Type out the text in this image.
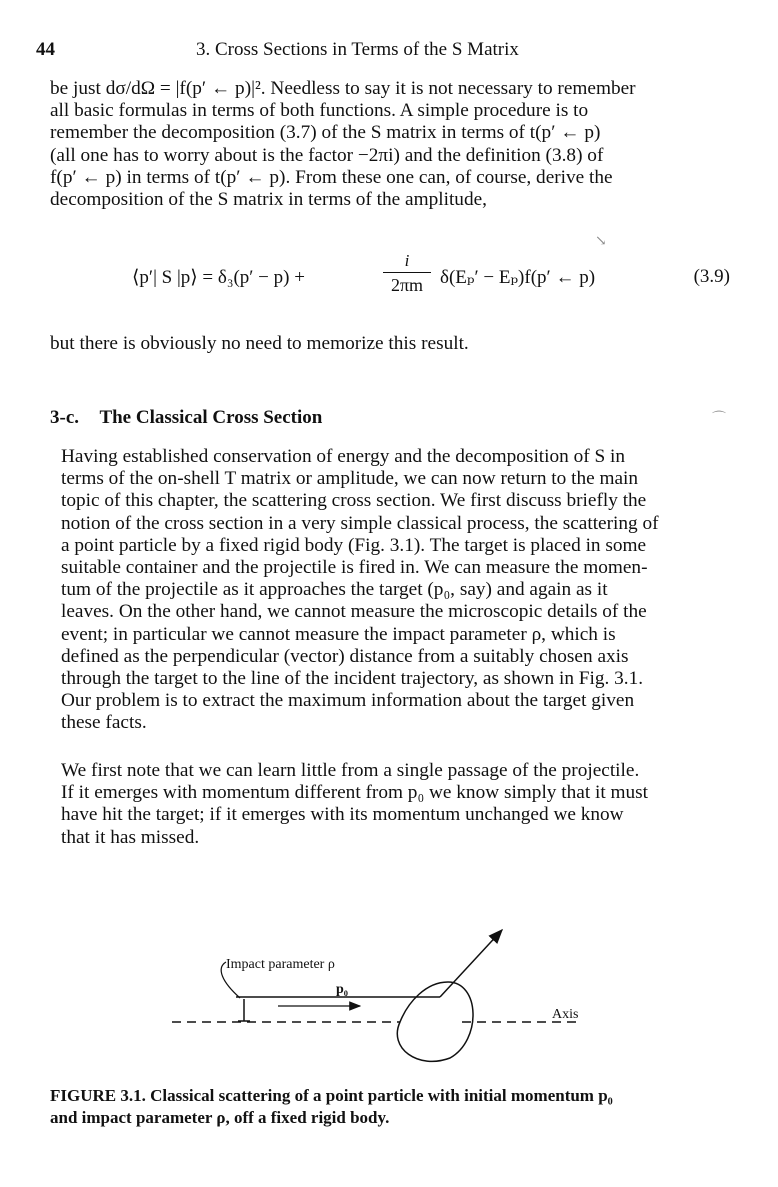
44	3. Cross Sections in Terms of the S Matrix

be just dσ/dΩ = |f(p′ ← p)|². Needless to say it is not necessary to remember
all basic formulas in terms of both functions. A simple procedure is to
remember the decomposition (3.7) of the S matrix in terms of t(p′ ← p)
(all one has to worry about is the factor −2πi) and the definition (3.8) of
f(p′ ← p) in terms of t(p′ ← p). From these one can, of course, derive the
decomposition of the S matrix in terms of the amplitude,

↘
⟨p′| S |p⟩ = δ₃(p′ − p) +
i
2πm δ(Eₚ′ − Eₚ)f(p′ ← p)	(3.9)

but there is obviously no need to memorize this result.

3-c. The Classical Cross Section	⌒

Having established conservation of energy and the decomposition of S in
terms of the on-shell T matrix or amplitude, we can now return to the main
topic of this chapter, the scattering cross section. We first discuss briefly the
notion of the cross section in a very simple classical process, the scattering of
a point particle by a fixed rigid body (Fig. 3.1). The target is placed in some
suitable container and the projectile is fired in. We can measure the momen-
tum of the projectile as it approaches the target (p₀, say) and again as it
leaves. On the other hand, we cannot measure the microscopic details of the
event; in particular we cannot measure the impact parameter ρ, which is
defined as the perpendicular (vector) distance from a suitably chosen axis
through the target to the line of the incident trajectory, as shown in Fig. 3.1.
Our problem is to extract the maximum information about the target given
these facts.

We first note that we can learn little from a single passage of the projectile.
If it emerges with momentum different from p₀ we know simply that it must
have hit the target; if it emerges with its momentum unchanged we know
that it has missed.

Impact parameter ρ
p₀
Axis
FIGURE 3.1. Classical scattering of a point particle with initial momentum p₀
and impact parameter ρ, off a fixed rigid body.
